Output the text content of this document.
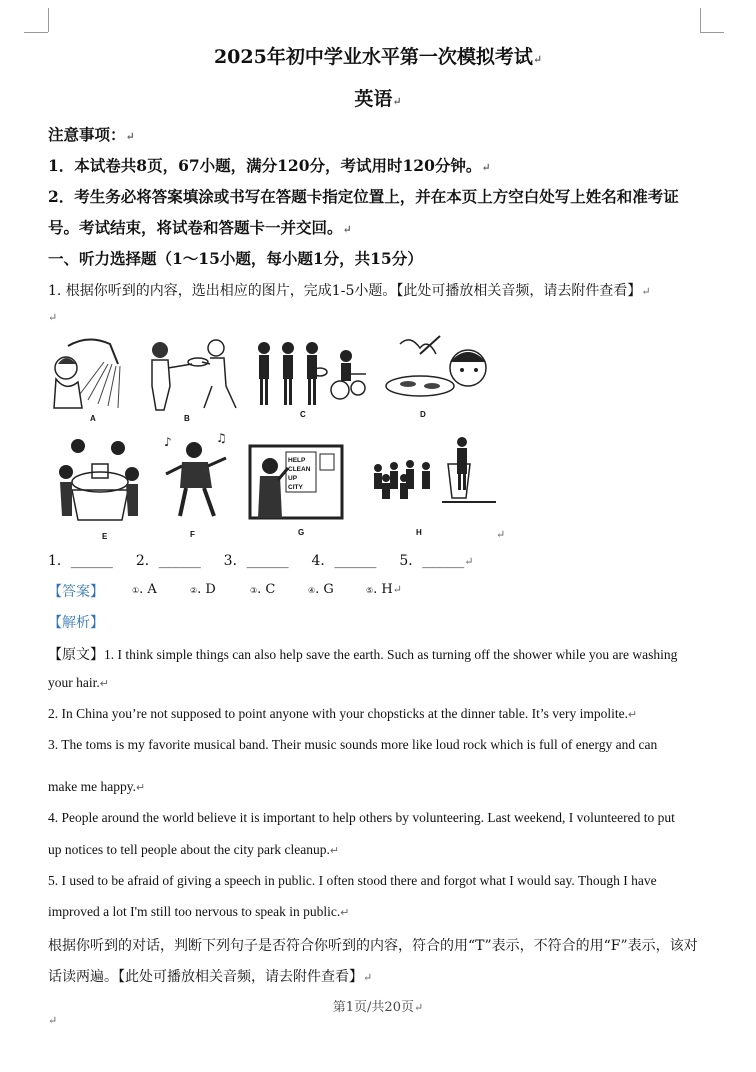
2025年初中学业水平第一次模拟考试↵
英语↵
注意事项：↵
1．本试卷共8页，67小题，满分120分，考试用时120分钟。↵
2．考生务必将答案填涂或书写在答题卡指定位置上，并在本页上方空白处写上姓名和准考证
号。考试结束，将试卷和答题卡一并交回。↵
一、听力选择题（1～15小题，每小题1分，共15分）
1. 根据你听到的内容，选出相应的图片，完成1-5小题。【此处可播放相关音频，请去附件查看】↵
↵
A	B	C	D
E
♪	♫
F
HELP
CLEAN
UP
CITY
G	H	↵
1．______ 2．______ 3．______ 4．______ 5．______↵
【答案】	①. A	②. D	③. C	④. G	⑤. H↵
【解析】
【原文】1. I think simple things can also help save the earth. Such as turning off the shower while you are washing
your hair.↵
2. In China you’re not supposed to point anyone with your chopsticks at the dinner table. It’s very impolite.↵
3. The toms is my favorite musical band. Their music sounds more like loud rock which is full of energy and can
make me happy.↵
4. People around the world believe it is important to help others by volunteering. Last weekend, I volunteered to put
up notices to tell people about the city park cleanup.↵
5. I used to be afraid of giving a speech in public. I often stood there and forgot what I would say. Though I have
improved a lot I'm still too nervous to speak in public.↵
根据你听到的对话，判断下列句子是否符合你听到的内容，符合的用“T”表示，不符合的用“F”表示，该对
话读两遍。【此处可播放相关音频，请去附件查看】↵
第1页/共20页↵
↵
